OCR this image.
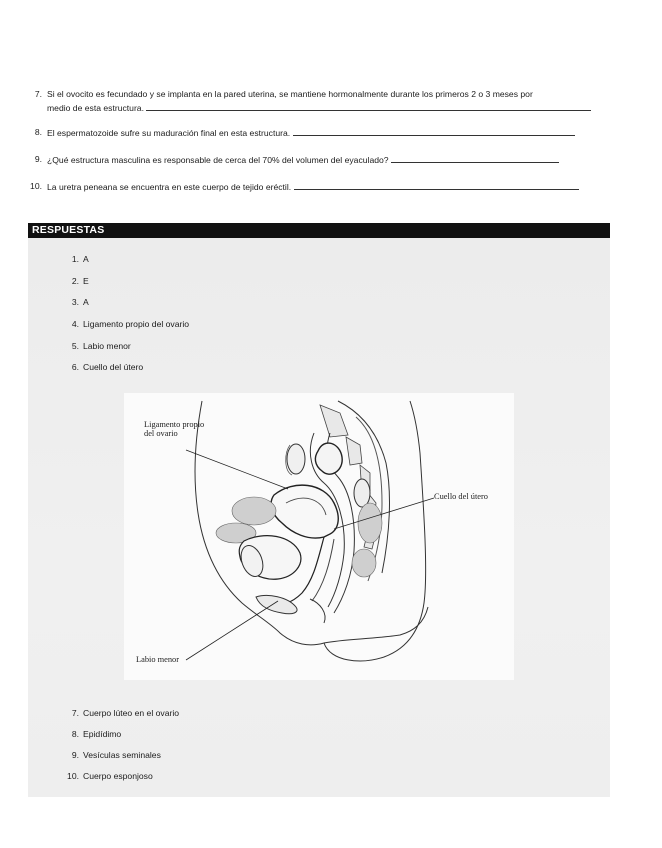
7. Si el ovocito es fecundado y se implanta en la pared uterina, se mantiene hormonalmente durante los primeros 2 o 3 meses por
medio de esta estructura.
8. El espermatozoide sufre su maduración final en esta estructura.
9. ¿Qué estructura masculina es responsable de cerca del 70% del volumen del eyaculado?
10. La uretra peneana se encuentra en este cuerpo de tejido eréctil.
RESPUESTAS
1. A
2. E
3. A
4. Ligamento propio del ovario
5. Labio menor
6. Cuello del útero
7. Cuerpo lúteo en el ovario
8. Epidídimo
9. Vesículas seminales
10. Cuerpo esponjoso
Ligamento propio del ovario
Cuello del útero
Labio menor
